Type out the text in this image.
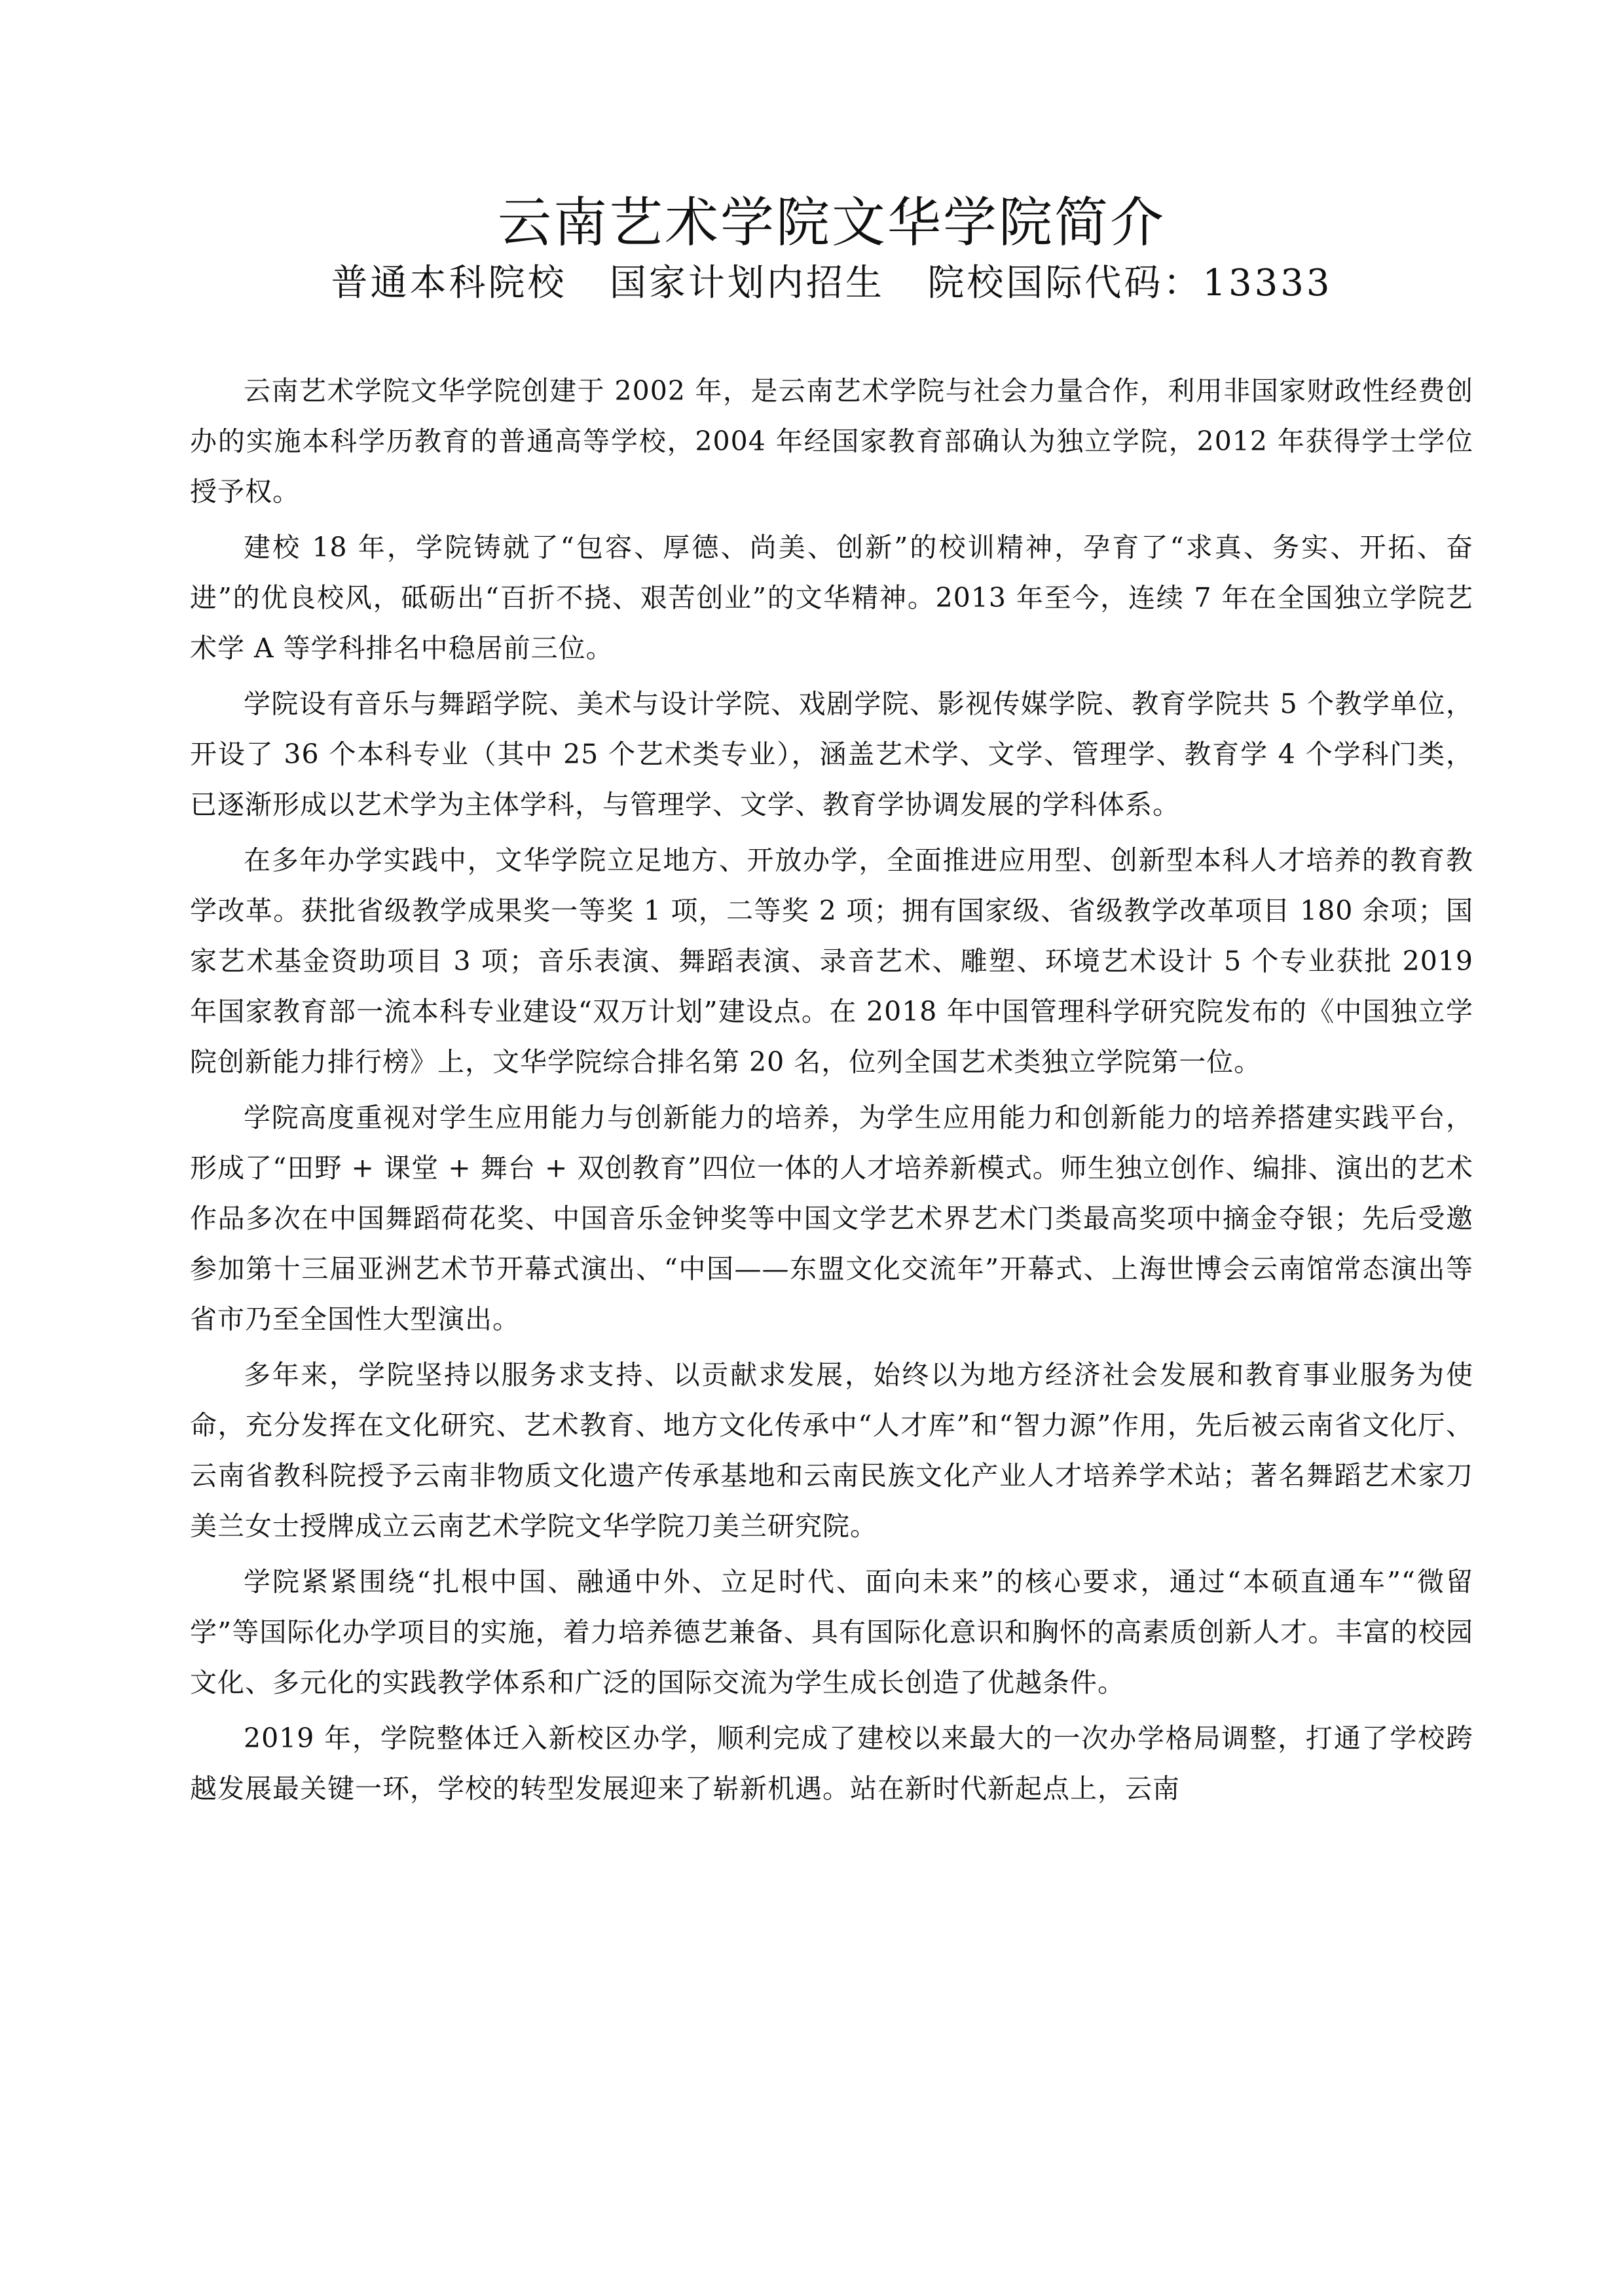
云南艺术学院文华学院简介
普通本科院校   国家计划内招生   院校国际代码：13333

云南艺术学院文华学院创建于 2002 年，是云南艺术学院与社会力量合作，利用非国家财政性经费创办的实施本科学历教育的普通高等学校，2004 年经国家教育部确认为独立学院，2012 年获得学士学位授予权。

建校 18 年，学院铸就了“包容、厚德、尚美、创新”的校训精神，孕育了“求真、务实、开拓、奋进”的优良校风，砥砺出“百折不挠、艰苦创业”的文华精神。2013 年至今，连续 7 年在全国独立学院艺术学 A 等学科排名中稳居前三位。

学院设有音乐与舞蹈学院、美术与设计学院、戏剧学院、影视传媒学院、教育学院共 5 个教学单位，开设了 36 个本科专业（其中 25 个艺术类专业），涵盖艺术学、文学、管理学、教育学 4 个学科门类，已逐渐形成以艺术学为主体学科，与管理学、文学、教育学协调发展的学科体系。

在多年办学实践中，文华学院立足地方、开放办学，全面推进应用型、创新型本科人才培养的教育教学改革。获批省级教学成果奖一等奖 1 项，二等奖 2 项；拥有国家级、省级教学改革项目 180 余项；国家艺术基金资助项目 3 项；音乐表演、舞蹈表演、录音艺术、雕塑、环境艺术设计 5 个专业获批 2019 年国家教育部一流本科专业建设“双万计划”建设点。在 2018 年中国管理科学研究院发布的《中国独立学院创新能力排行榜》上，文华学院综合排名第 20 名，位列全国艺术类独立学院第一位。

学院高度重视对学生应用能力与创新能力的培养，为学生应用能力和创新能力的培养搭建实践平台，形成了“田野 + 课堂 + 舞台 + 双创教育”四位一体的人才培养新模式。师生独立创作、编排、演出的艺术作品多次在中国舞蹈荷花奖、中国音乐金钟奖等中国文学艺术界艺术门类最高奖项中摘金夺银；先后受邀参加第十三届亚洲艺术节开幕式演出、“中国——东盟文化交流年”开幕式、上海世博会云南馆常态演出等省市乃至全国性大型演出。

多年来，学院坚持以服务求支持、以贡献求发展，始终以为地方经济社会发展和教育事业服务为使命，充分发挥在文化研究、艺术教育、地方文化传承中“人才库”和“智力源”作用，先后被云南省文化厅、云南省教科院授予云南非物质文化遗产传承基地和云南民族文化产业人才培养学术站；著名舞蹈艺术家刀美兰女士授牌成立云南艺术学院文华学院刀美兰研究院。

学院紧紧围绕“扎根中国、融通中外、立足时代、面向未来”的核心要求，通过“本硕直通车”“微留学”等国际化办学项目的实施，着力培养德艺兼备、具有国际化意识和胸怀的高素质创新人才。丰富的校园文化、多元化的实践教学体系和广泛的国际交流为学生成长创造了优越条件。

2019 年，学院整体迁入新校区办学，顺利完成了建校以来最大的一次办学格局调整，打通了学校跨越发展最关键一环，学校的转型发展迎来了崭新机遇。站在新时代新起点上，云南
